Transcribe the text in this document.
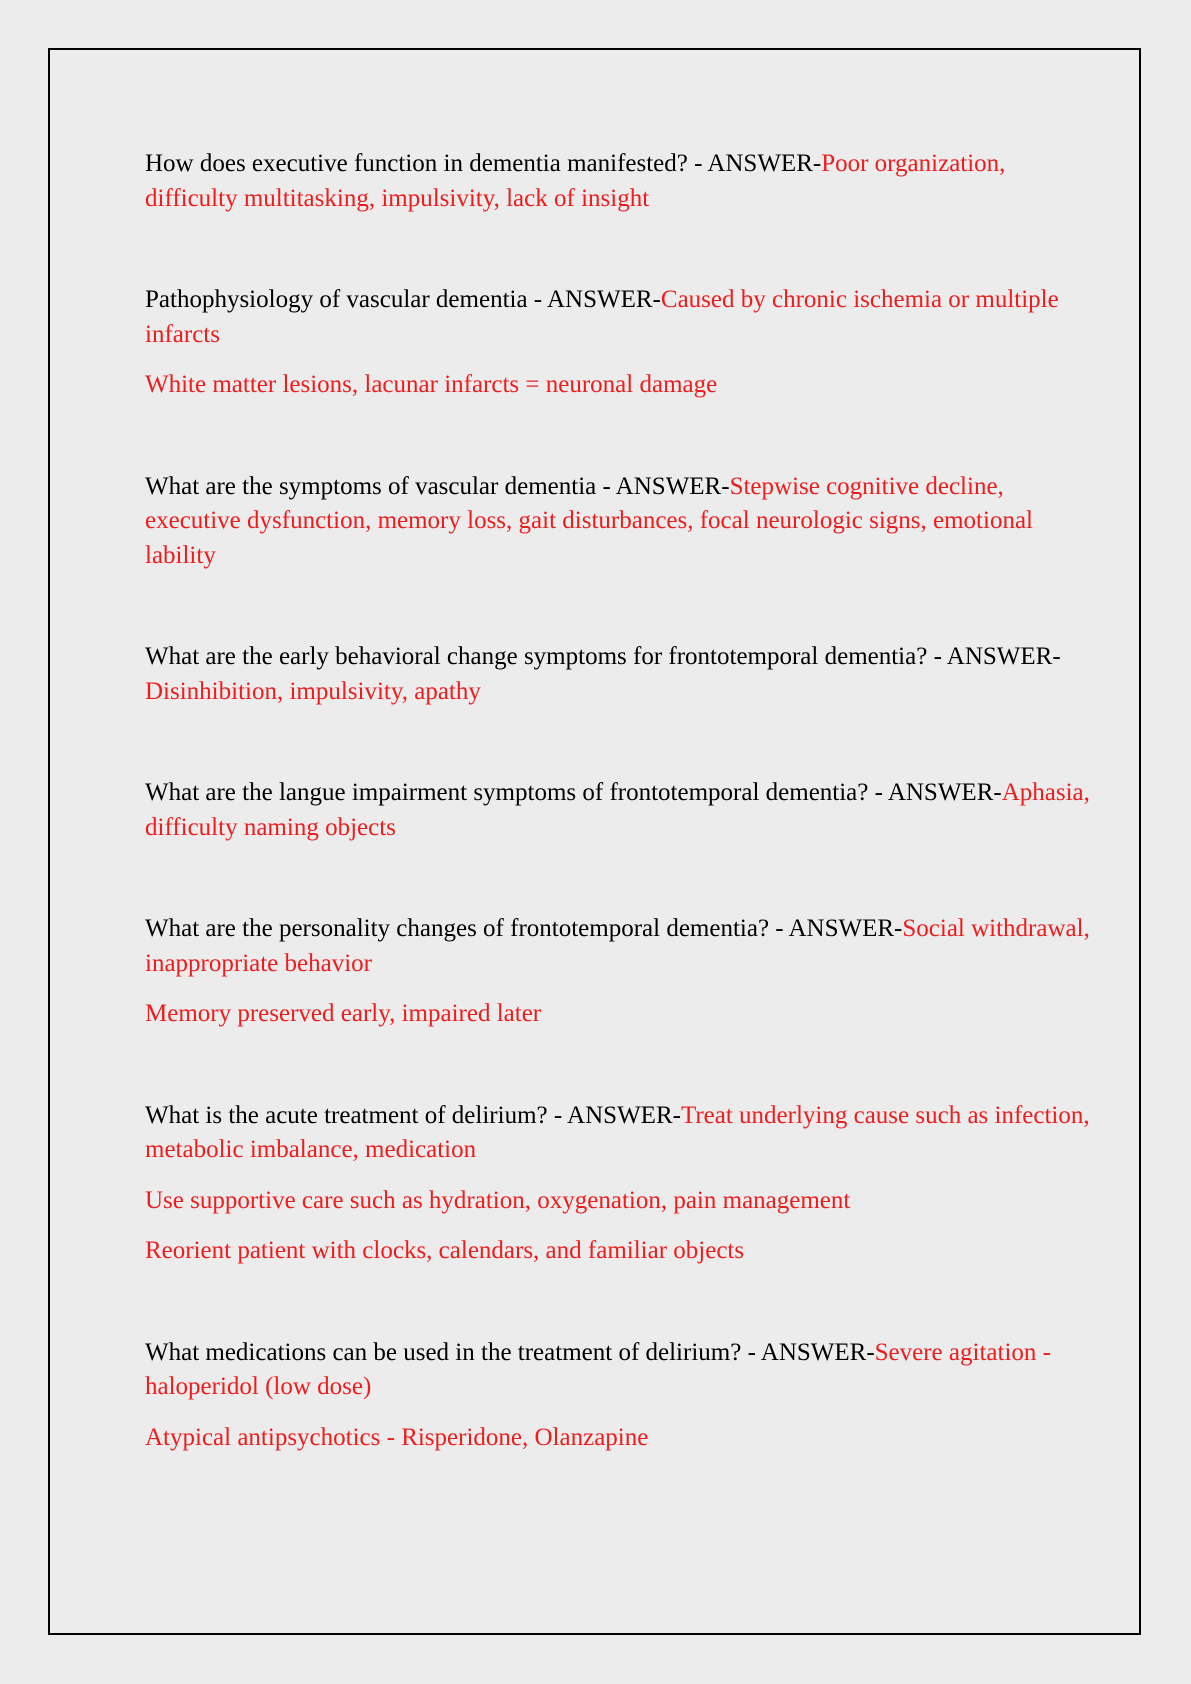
How does executive function in dementia manifested? - ANSWER-Poor organization, difficulty multitasking, impulsivity, lack of insight

Pathophysiology of vascular dementia - ANSWER-Caused by chronic ischemia or multiple infarcts

White matter lesions, lacunar infarcts = neuronal damage

What are the symptoms of vascular dementia - ANSWER-Stepwise cognitive decline, executive dysfunction, memory loss, gait disturbances, focal neurologic signs, emotional lability

What are the early behavioral change symptoms for frontotemporal dementia? - ANSWER-Disinhibition, impulsivity, apathy

What are the langue impairment symptoms of frontotemporal dementia? - ANSWER-Aphasia, difficulty naming objects

What are the personality changes of frontotemporal dementia? - ANSWER-Social withdrawal, inappropriate behavior

Memory preserved early, impaired later

What is the acute treatment of delirium? - ANSWER-Treat underlying cause such as infection, metabolic imbalance, medication

Use supportive care such as hydration, oxygenation, pain management

Reorient patient with clocks, calendars, and familiar objects

What medications can be used in the treatment of delirium? - ANSWER-Severe agitation - haloperidol (low dose)

Atypical antipsychotics - Risperidone, Olanzapine
